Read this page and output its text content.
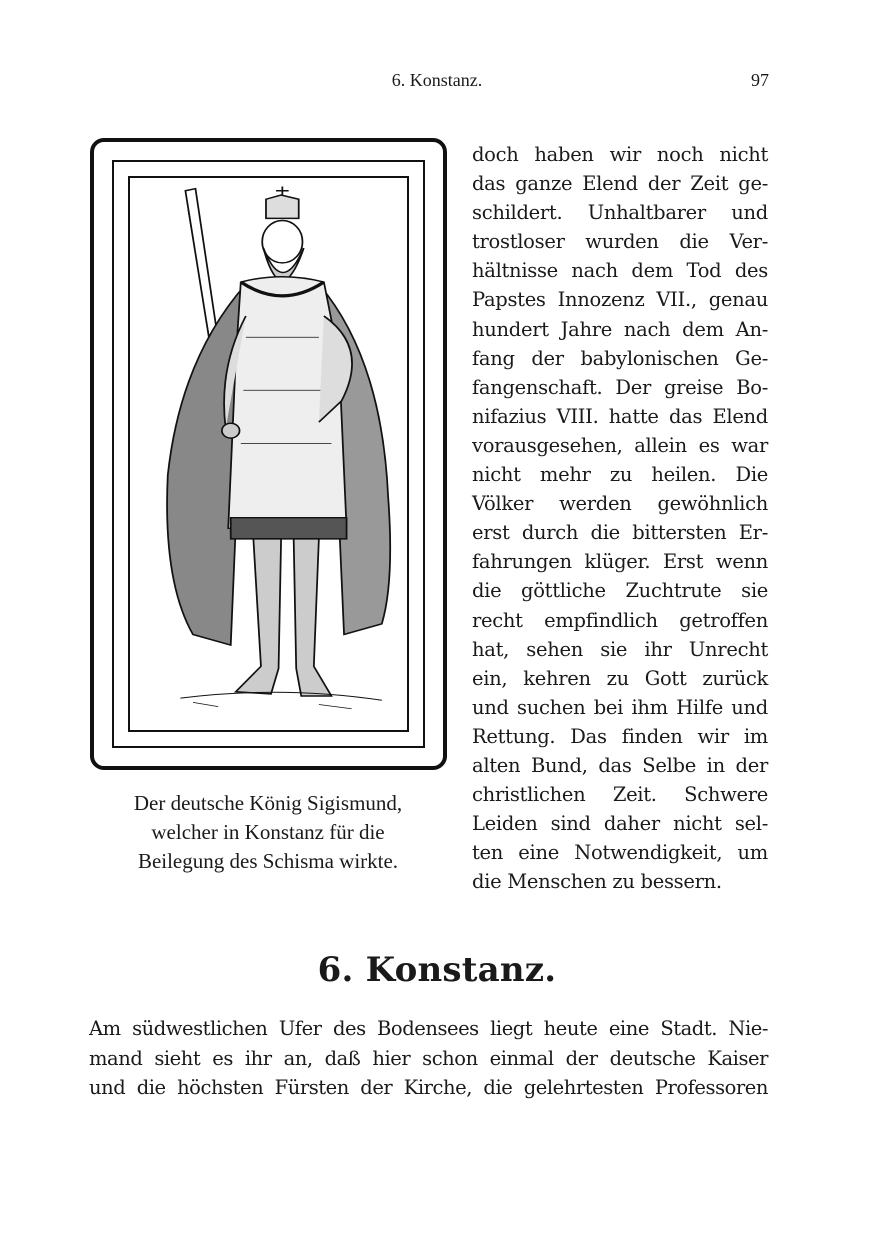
6. Konstanz.	97
Der deutsche König Sigismund,
welcher in Konstanz für die
Beilegung des Schisma wirkte.
doch haben wir noch nicht
das ganze Elend der Zeit ge-
schildert. Unhaltbarer und
trostloser wurden die Ver-
hältnisse nach dem Tod des
Papstes Innozenz VII., genau
hundert Jahre nach dem An-
fang der babylonischen Ge-
fangenschaft. Der greise Bo-
nifazius VIII. hatte das Elend
vorausgesehen, allein es war
nicht mehr zu heilen. Die
Völker werden gewöhnlich
erst durch die bittersten Er-
fahrungen klüger. Erst wenn
die göttliche Zuchtrute sie
recht empfindlich getroffen
hat, sehen sie ihr Unrecht
ein, kehren zu Gott zurück
und suchen bei ihm Hilfe und
Rettung. Das finden wir im
alten Bund, das Selbe in der
christlichen Zeit. Schwere
Leiden sind daher nicht sel-
ten eine Notwendigkeit, um
die Menschen zu bessern.
6. Konstanz.
Am südwestlichen Ufer des Bodensees liegt heute eine Stadt. Nie-
mand sieht es ihr an, daß hier schon einmal der deutsche Kaiser
und die höchsten Fürsten der Kirche, die gelehrtesten Professoren
